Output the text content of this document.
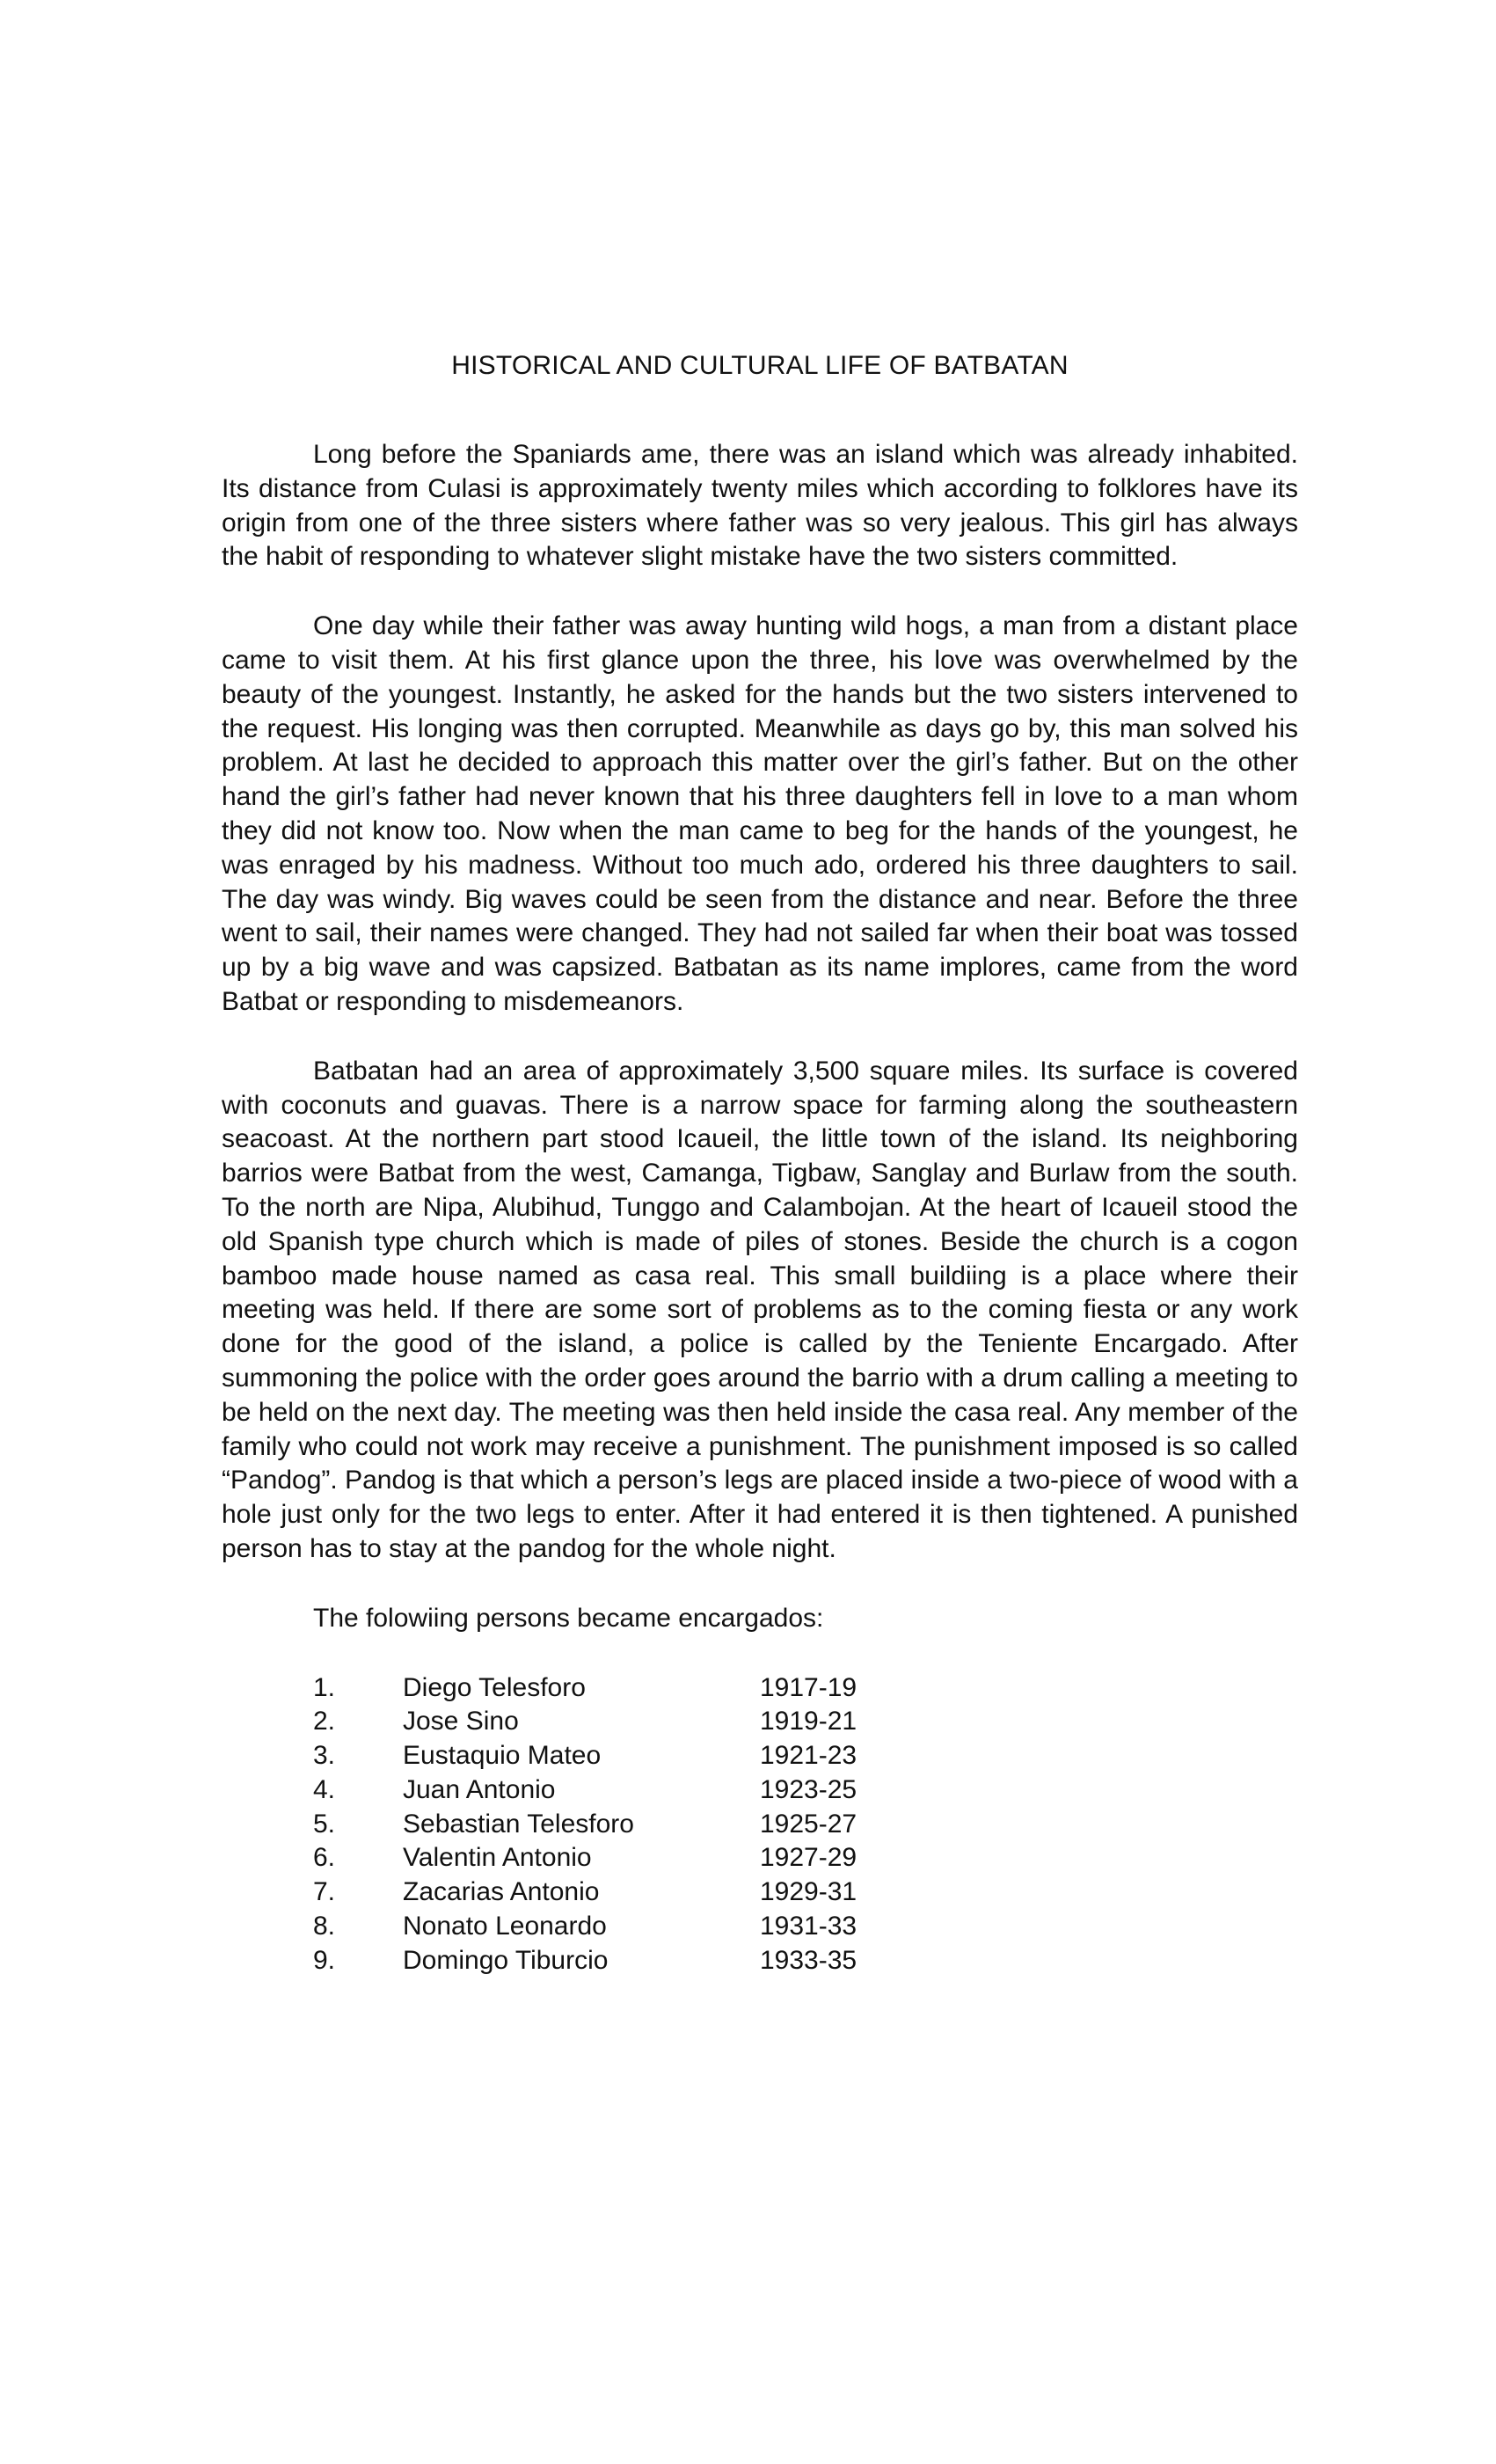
HISTORICAL AND CULTURAL LIFE OF BATBATAN

Long before the Spaniards ame, there was an island which was already inhabited. Its distance from Culasi is approximately twenty miles which according to folklores have its origin from one of the three sisters where father was so very jealous. This girl has always the habit of responding to whatever slight mistake have the two sisters committed.

One day while their father was away hunting wild hogs, a man from a distant place came to visit them. At his first glance upon the three, his love was overwhelmed by the beauty of the youngest. Instantly, he asked for the hands but the two sisters intervened to the request. His longing was then corrupted. Meanwhile as days go by, this man solved his problem. At last he decided to approach this matter over the girl’s father. But on the other hand the girl’s father had never known that his three daughters fell in love to a man whom they did not know too. Now when the man came to beg for the hands of the youngest, he was enraged by his madness. Without too much ado, ordered his three daughters to sail. The day was windy. Big waves could be seen from the distance and near. Before the three went to sail, their names were changed. They had not sailed far when their boat was tossed up by a big wave and was capsized. Batbatan as its name implores, came from the word Batbat or responding to misdemeanors.

Batbatan had an area of approximately 3,500 square miles. Its surface is covered with coconuts and guavas. There is a narrow space for farming along the southeastern seacoast. At the northern part stood Icaueil, the little town of the island. Its neighboring barrios were Batbat from the west, Camanga, Tigbaw, Sanglay and Burlaw from the south. To the north are Nipa, Alubihud, Tunggo and Calambojan. At the heart of Icaueil stood the old Spanish type church which is made of piles of stones. Beside the church is a cogon bamboo made house named as casa real. This small buildiing is a place where their meeting was held. If there are some sort of problems as to the coming fiesta or any work done for the good of the island, a police is called by the Teniente Encargado. After summoning the police with the order goes around the barrio with a drum calling a meeting to be held on the next day. The meeting was then held inside the casa real. Any member of the family who could not work may receive a punishment. The punishment imposed is so called “Pandog”. Pandog is that which a person’s legs are placed inside a two-piece of wood with a hole just only for the two legs to enter. After it had entered it is then tightened. A punished person has to stay at the pandog for the whole night.

The folowiing persons became encargados:

1.	Diego Telesforo	1917-19
2.	Jose Sino	1919-21
3.	Eustaquio Mateo	1921-23
4.	Juan Antonio	1923-25
5.	Sebastian Telesforo	1925-27
6.	Valentin Antonio	1927-29
7.	Zacarias Antonio	1929-31
8.	Nonato Leonardo	1931-33
9.	Domingo Tiburcio	1933-35
